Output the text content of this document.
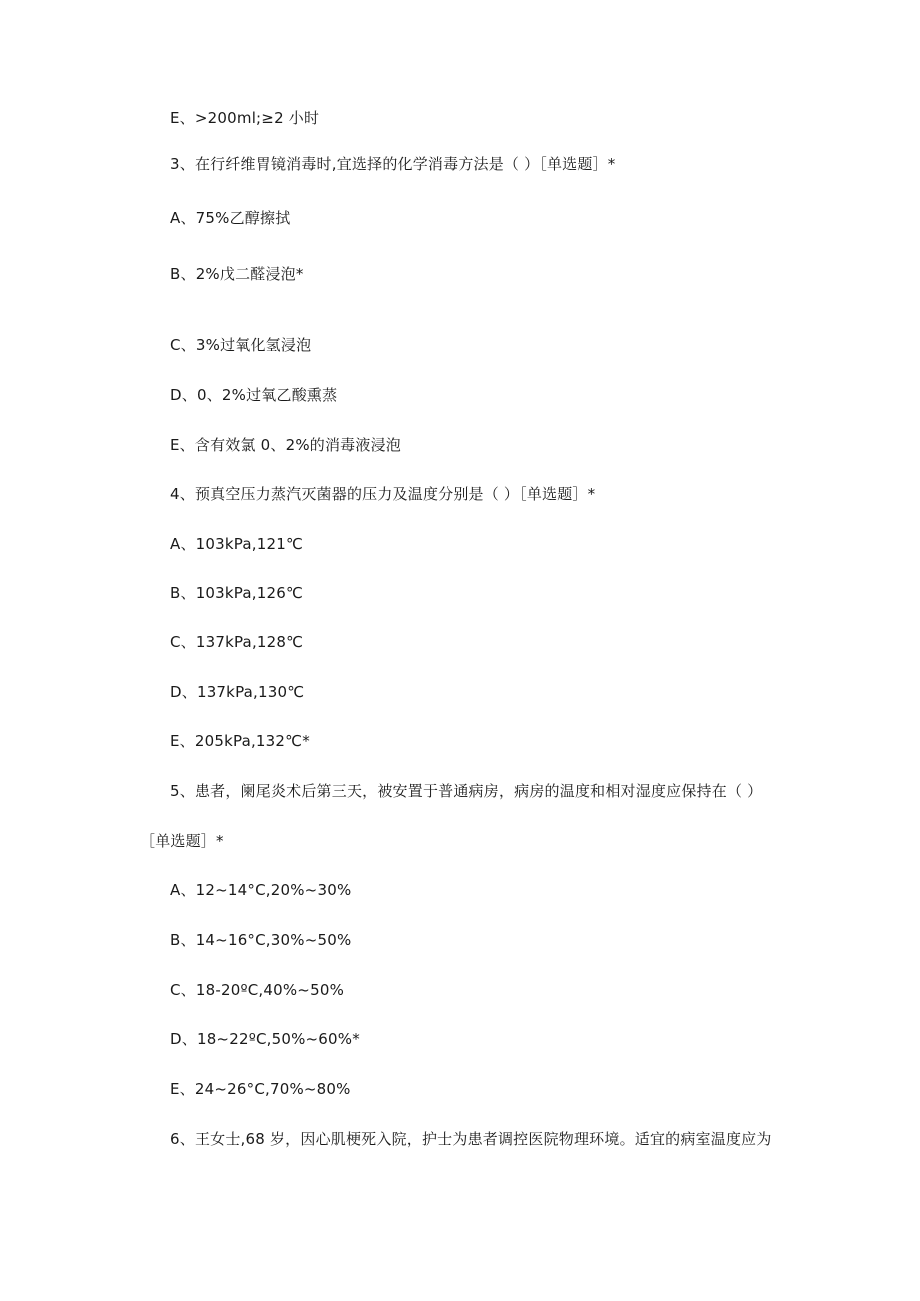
E、>200ml;≥2 小时
3、在行纤维胃镜消毒时,宜选择的化学消毒方法是（ ）［单选题］*
A、75%乙醇擦拭
B、2%戊二醛浸泡*
C、3%过氧化氢浸泡
D、0、2%过氧乙酸熏蒸
E、含有效氯 0、2%的消毒液浸泡
4、预真空压力蒸汽灭菌器的压力及温度分别是（ ）［单选题］*
A、103kPa,121℃
B、103kPa,126℃
C、137kPa,128℃
D、137kPa,130℃
E、205kPa,132℃*
5、患者，阑尾炎术后第三天，被安置于普通病房，病房的温度和相对湿度应保持在（ ）
［单选题］*
A、12~14°C,20%~30%
B、14~16°C,30%~50%
C、18-20ºC,40%~50%
D、18~22ºC,50%~60%*
E、24~26°C,70%~80%
6、王女士,68 岁，因心肌梗死入院，护士为患者调控医院物理环境。适宜的病室温度应为
